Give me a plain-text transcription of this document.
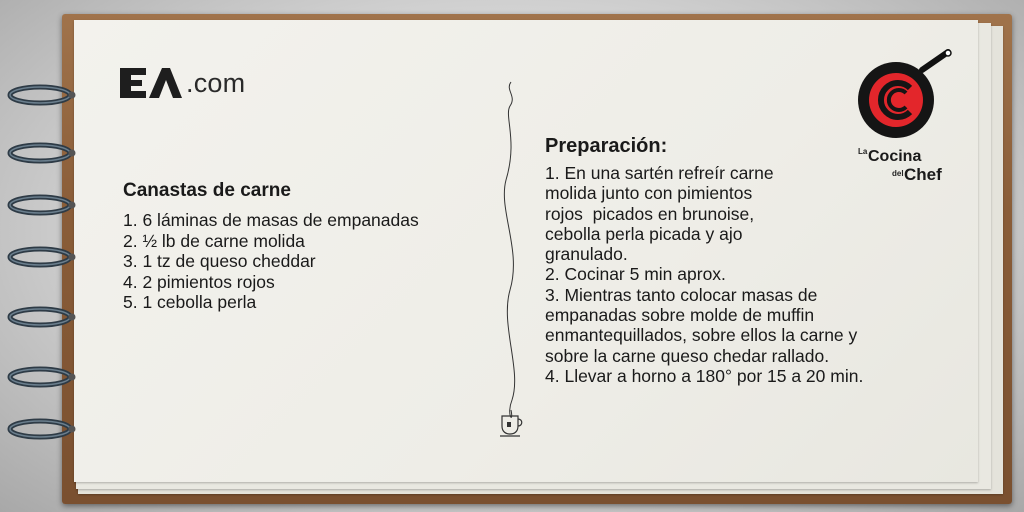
.com
Canastas de carne
1. 6 láminas de masas de empanadas
2. ½ lb de carne molida
3. 1 tz de queso cheddar
4. 2 pimientos rojos
5. 1 cebolla perla
Preparación:
1. En una sartén refreír carne
molida junto con pimientos
rojos  picados en brunoise,
cebolla perla picada y ajo
granulado.
2. Cocinar 5 min aprox.
3. Mientras tanto colocar masas de
empanadas sobre molde de muffin
enmantequillados, sobre ellos la carne y
sobre la carne queso chedar rallado.
4. Llevar a horno a 180° por 15 a 20 min.
La Cocina
del Chef
